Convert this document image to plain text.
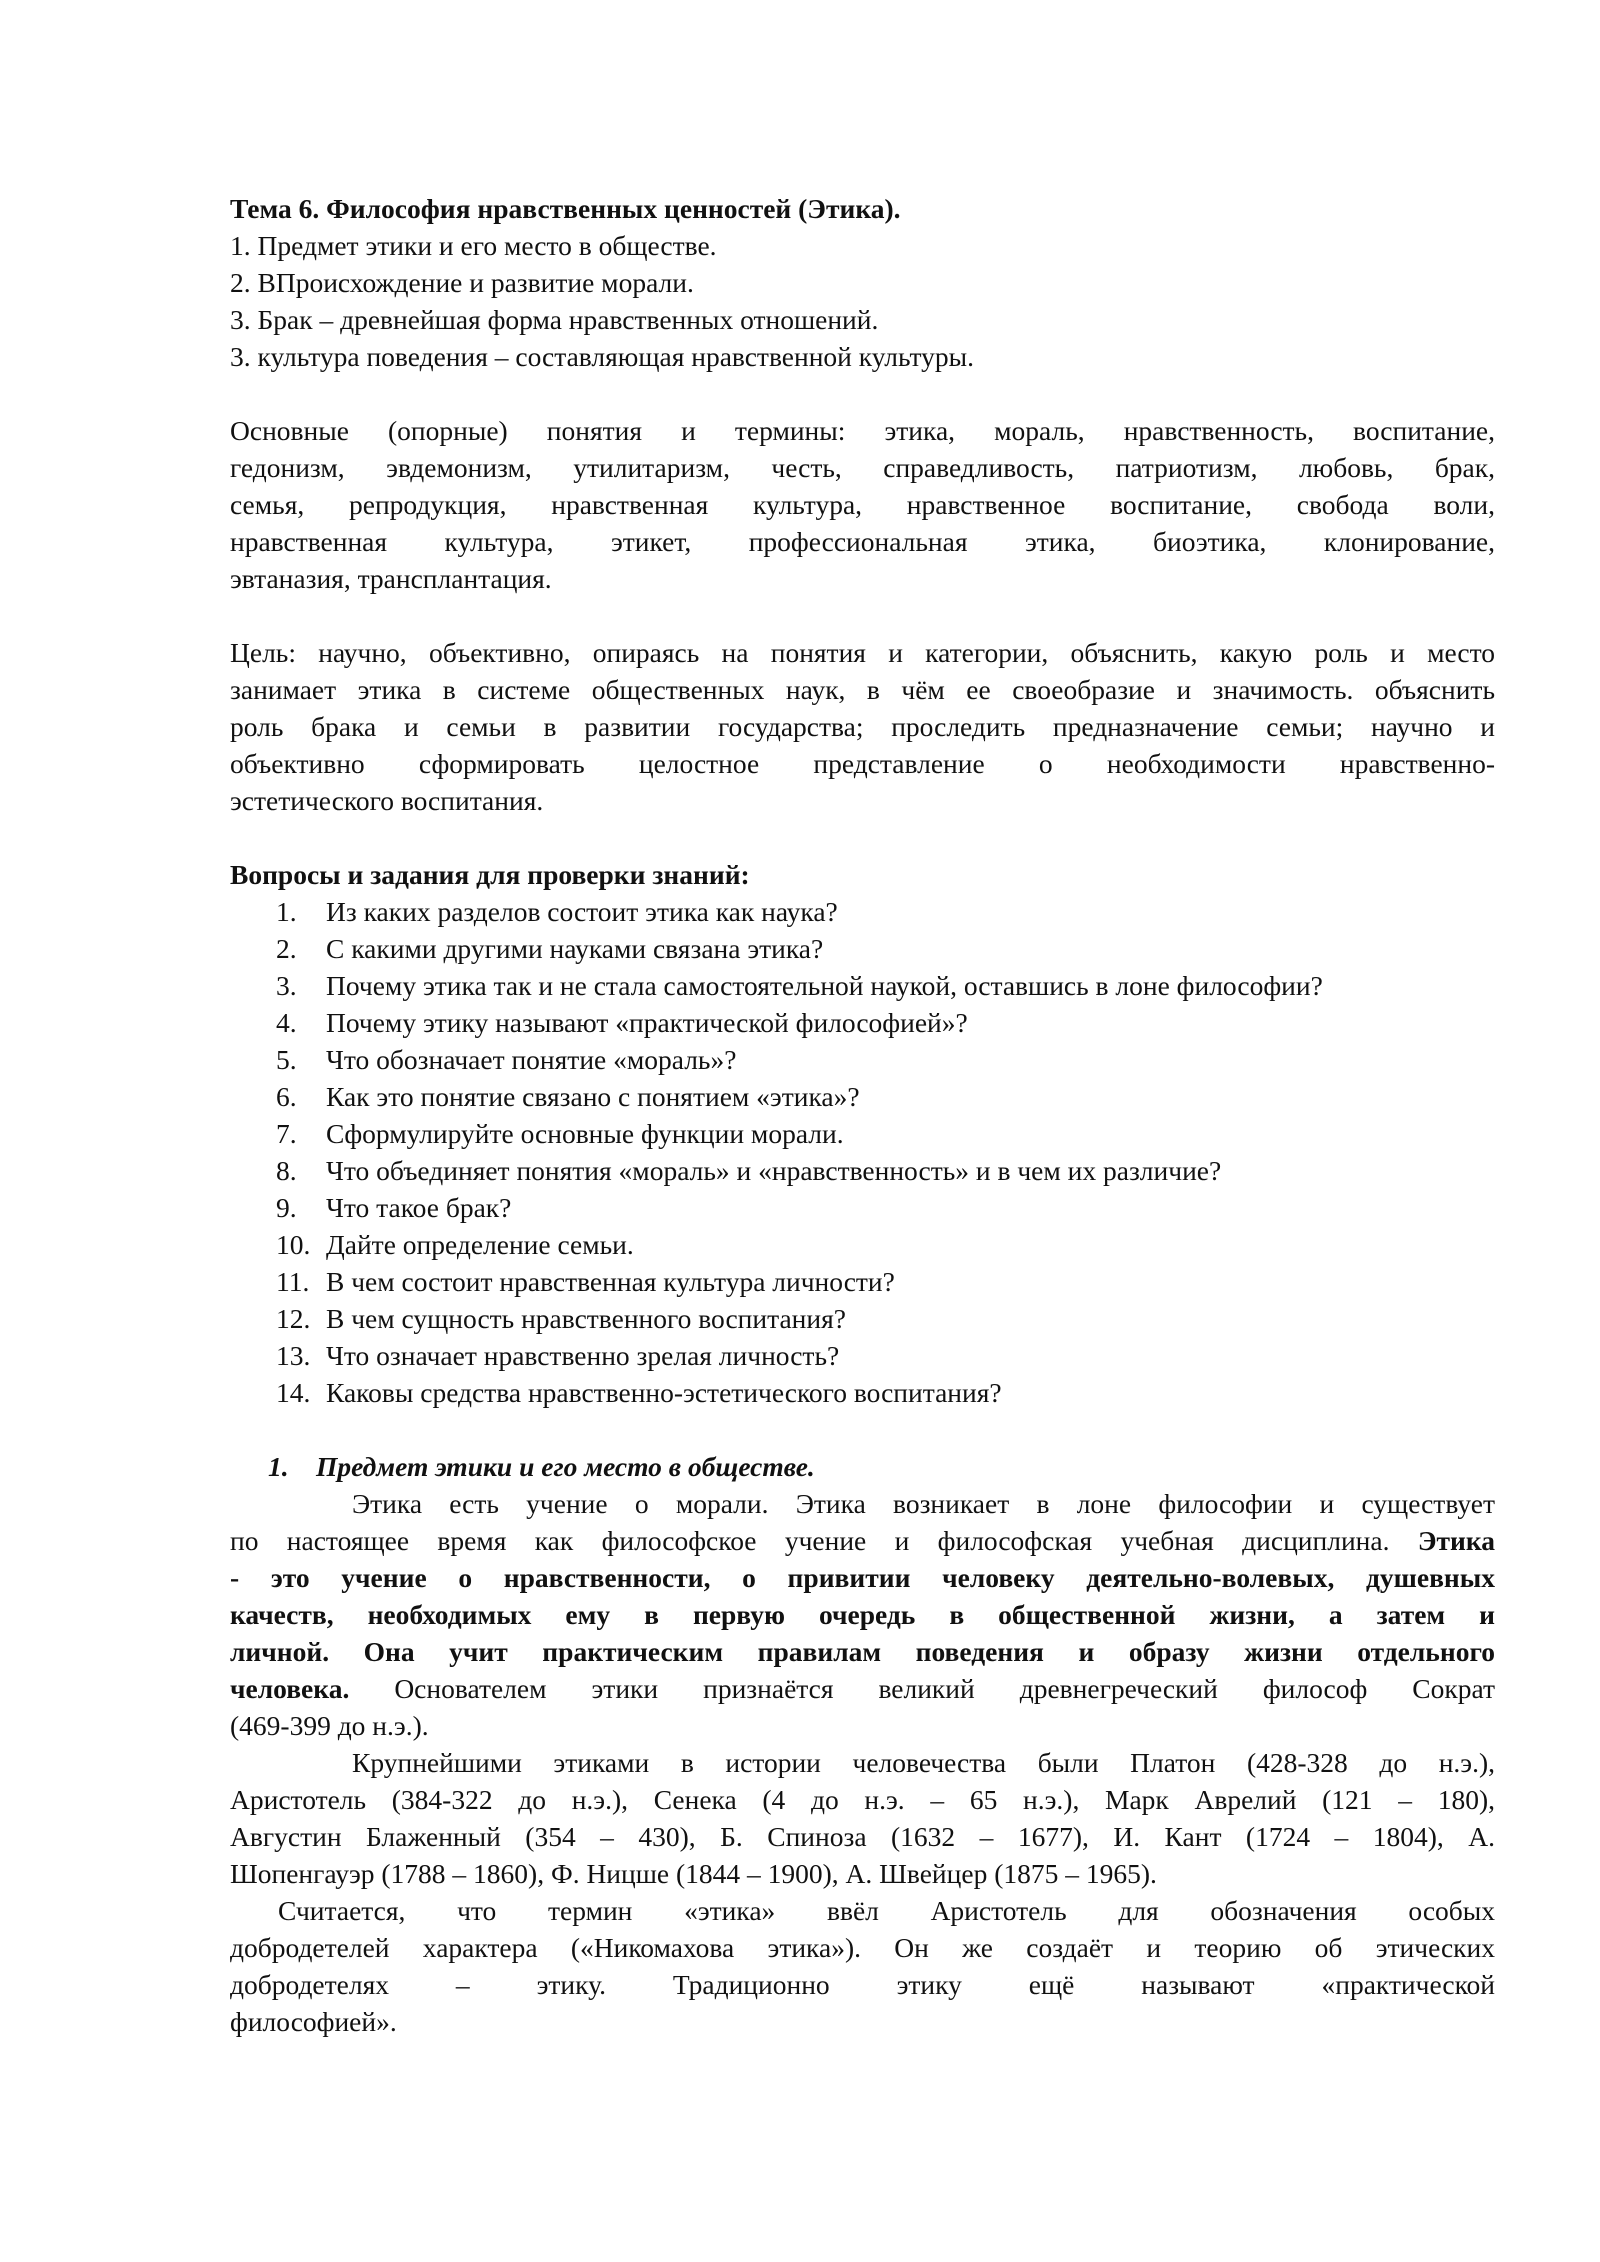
Тема 6. Философия нравственных ценностей (Этика).
1. Предмет этики и его место в обществе.
2. ВПроисхождение и развитие морали.
3. Брак – древнейшая форма нравственных отношений.
3. культура поведения – составляющая нравственной культуры.
Основные (опорные) понятия и термины: этика, мораль, нравственность, воспитание,
гедонизм, эвдемонизм, утилитаризм, честь, справедливость, патриотизм, любовь, брак,
семья, репродукция, нравственная культура, нравственное воспитание, свобода воли,
нравственная культура, этикет, профессиональная этика, биоэтика, клонирование,
эвтаназия, трансплантация.
Цель: научно, объективно, опираясь на понятия и категории, объяснить, какую роль и место
занимает этика в системе общественных наук, в чём ее своеобразие и значимость. объяснить
роль брака и семьи в развитии государства; проследить предназначение семьи; научно и
объективно сформировать целостное представление о необходимости нравственно-
эстетического воспитания.
Вопросы и задания для проверки знаний:
1.	Из каких разделов состоит этика как наука?
2.	С какими другими науками связана этика?
3.	Почему этика так и не стала самостоятельной наукой, оставшись в лоне философии?
4.	Почему этику называют «практической философией»?
5.	Что обозначает понятие «мораль»?
6.	Как это понятие связано с понятием «этика»?
7.	Сформулируйте основные функции морали.
8.	Что объединяет понятия «мораль» и «нравственность» и в чем их различие?
9.	Что такое брак?
10. Дайте определение семьи.
11. В чем состоит нравственная культура личности?
12. В чем сущность нравственного воспитания?
13. Что означает нравственно зрелая личность?
14. Каковы средства нравственно-эстетического воспитания?
1. Предмет этики и его место в обществе.
Этика есть учение о морали. Этика возникает в лоне философии и существует
по настоящее время как философское учение и философская учебная дисциплина. Этика
- это учение о нравственности, о привитии человеку деятельно-волевых, душевных
качеств, необходимых ему в первую очередь в общественной жизни, а затем и
личной. Она учит практическим правилам поведения и образу жизни отдельного
человека. Основателем этики признаётся великий древнегреческий философ Сократ
(469-399 до н.э.).
Крупнейшими этиками в истории человечества были Платон (428-328 до н.э.),
Аристотель (384-322 до н.э.), Сенека (4 до н.э. – 65 н.э.), Марк Аврелий (121 – 180),
Августин Блаженный (354 – 430), Б. Спиноза (1632 – 1677), И. Кант (1724 – 1804), А.
Шопенгауэр (1788 – 1860), Ф. Ницше (1844 – 1900), А. Швейцер (1875 – 1965).
Считается, что термин «этика» ввёл Аристотель для обозначения особых
добродетелей характера («Никомахова этика»). Он же создаёт и теорию об этических
добродетелях – этику. Традиционно этику ещё называют «практической
философией».
